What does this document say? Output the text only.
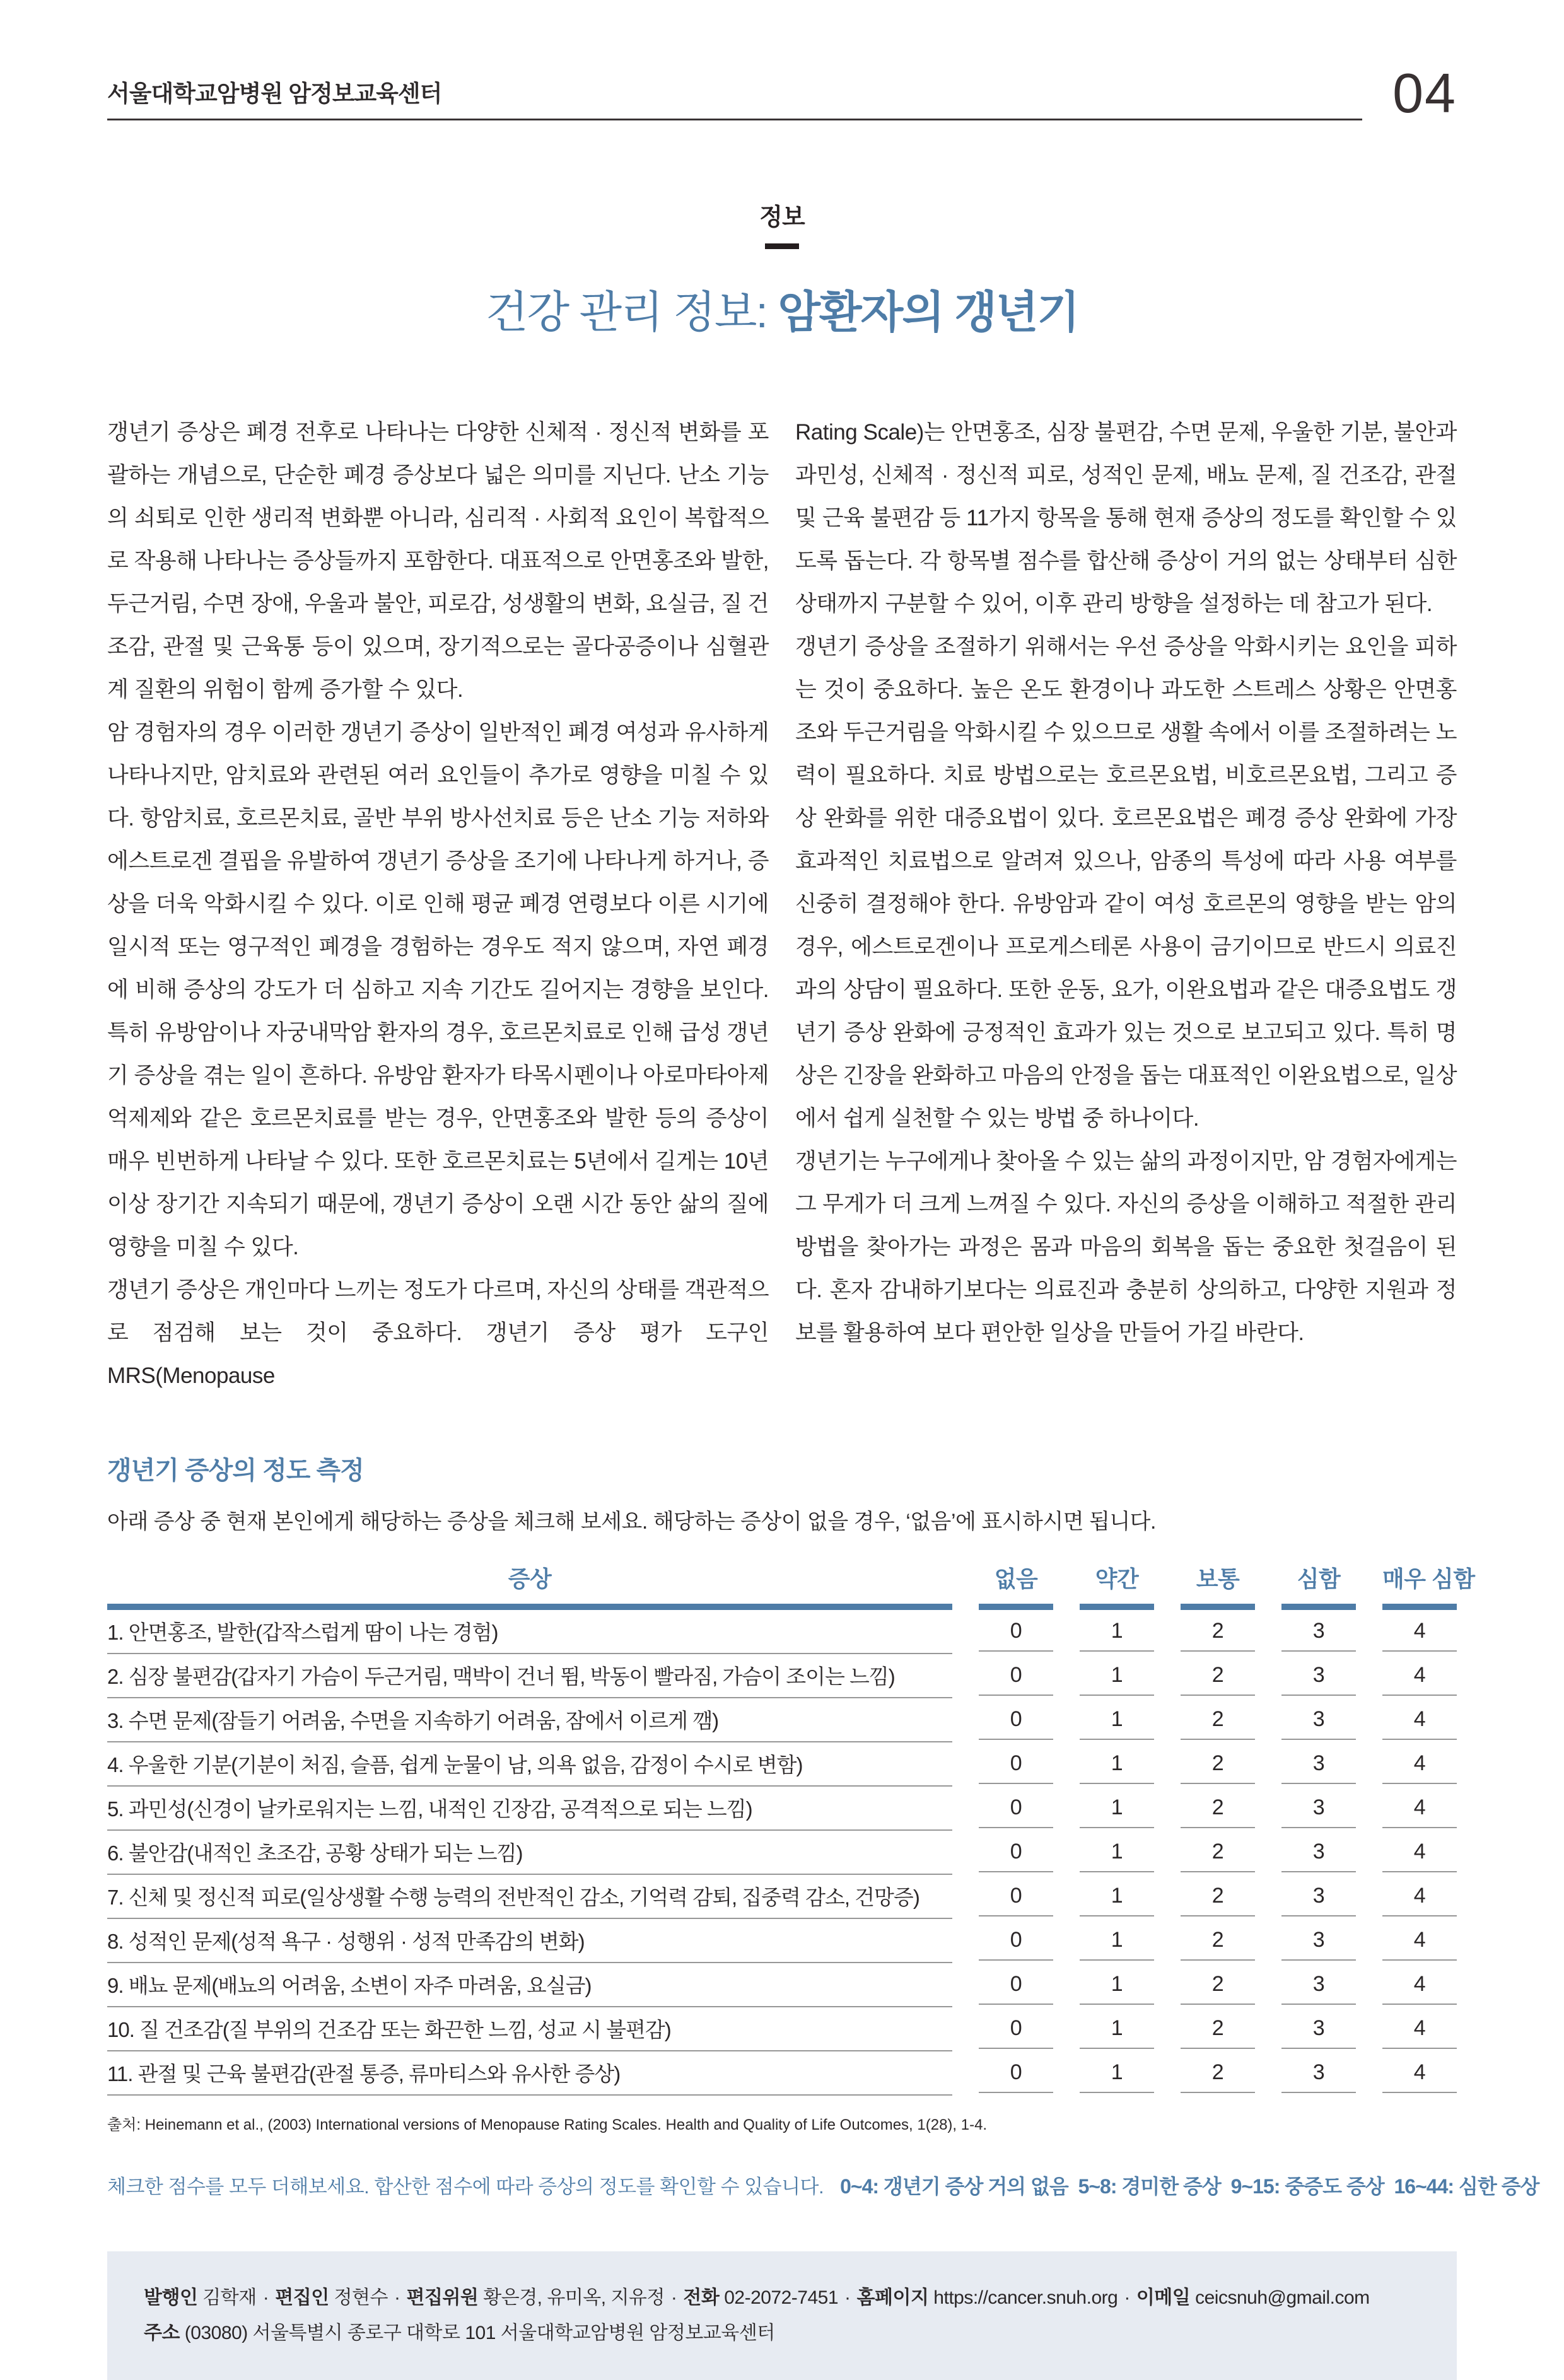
서울대학교암병원 암정보교육센터	04
정보
건강 관리 정보: 암환자의 갱년기

갱년기 증상은 폐경 전후로 나타나는 다양한 신체적 · 정신적 변화를 포괄하는 개념으로, 단순한 폐경 증상보다 넓은 의미를 지닌다. 난소 기능의 쇠퇴로 인한 생리적 변화뿐 아니라, 심리적 · 사회적 요인이 복합적으로 작용해 나타나는 증상들까지 포함한다. 대표적으로 안면홍조와 발한, 두근거림, 수면 장애, 우울과 불안, 피로감, 성생활의 변화, 요실금, 질 건조감, 관절 및 근육통 등이 있으며, 장기적으로는 골다공증이나 심혈관계 질환의 위험이 함께 증가할 수 있다.

암 경험자의 경우 이러한 갱년기 증상이 일반적인 폐경 여성과 유사하게 나타나지만, 암치료와 관련된 여러 요인들이 추가로 영향을 미칠 수 있다. 항암치료, 호르몬치료, 골반 부위 방사선치료 등은 난소 기능 저하와 에스트로겐 결핍을 유발하여 갱년기 증상을 조기에 나타나게 하거나, 증상을 더욱 악화시킬 수 있다. 이로 인해 평균 폐경 연령보다 이른 시기에 일시적 또는 영구적인 폐경을 경험하는 경우도 적지 않으며, 자연 폐경에 비해 증상의 강도가 더 심하고 지속 기간도 길어지는 경향을 보인다. 특히 유방암이나 자궁내막암 환자의 경우, 호르몬치료로 인해 급성 갱년기 증상을 겪는 일이 흔하다. 유방암 환자가 타목시펜이나 아로마타아제 억제제와 같은 호르몬치료를 받는 경우, 안면홍조와 발한 등의 증상이 매우 빈번하게 나타날 수 있다. 또한 호르몬치료는 5년에서 길게는 10년 이상 장기간 지속되기 때문에, 갱년기 증상이 오랜 시간 동안 삶의 질에 영향을 미칠 수 있다.

갱년기 증상은 개인마다 느끼는 정도가 다르며, 자신의 상태를 객관적으로 점검해 보는 것이 중요하다. 갱년기 증상 평가 도구인 MRS(Menopause

Rating Scale)는 안면홍조, 심장 불편감, 수면 문제, 우울한 기분, 불안과 과민성, 신체적 · 정신적 피로, 성적인 문제, 배뇨 문제, 질 건조감, 관절 및 근육 불편감 등 11가지 항목을 통해 현재 증상의 정도를 확인할 수 있도록 돕는다. 각 항목별 점수를 합산해 증상이 거의 없는 상태부터 심한 상태까지 구분할 수 있어, 이후 관리 방향을 설정하는 데 참고가 된다.

갱년기 증상을 조절하기 위해서는 우선 증상을 악화시키는 요인을 피하는 것이 중요하다. 높은 온도 환경이나 과도한 스트레스 상황은 안면홍조와 두근거림을 악화시킬 수 있으므로 생활 속에서 이를 조절하려는 노력이 필요하다. 치료 방법으로는 호르몬요법, 비호르몬요법, 그리고 증상 완화를 위한 대증요법이 있다. 호르몬요법은 폐경 증상 완화에 가장 효과적인 치료법으로 알려져 있으나, 암종의 특성에 따라 사용 여부를 신중히 결정해야 한다. 유방암과 같이 여성 호르몬의 영향을 받는 암의 경우, 에스트로겐이나 프로게스테론 사용이 금기이므로 반드시 의료진과의 상담이 필요하다. 또한 운동, 요가, 이완요법과 같은 대증요법도 갱년기 증상 완화에 긍정적인 효과가 있는 것으로 보고되고 있다. 특히 명상은 긴장을 완화하고 마음의 안정을 돕는 대표적인 이완요법으로, 일상에서 쉽게 실천할 수 있는 방법 중 하나이다.

갱년기는 누구에게나 찾아올 수 있는 삶의 과정이지만, 암 경험자에게는 그 무게가 더 크게 느껴질 수 있다. 자신의 증상을 이해하고 적절한 관리 방법을 찾아가는 과정은 몸과 마음의 회복을 돕는 중요한 첫걸음이 된다. 혼자 감내하기보다는 의료진과 충분히 상의하고, 다양한 지원과 정보를 활용하여 보다 편안한 일상을 만들어 가길 바란다.

갱년기 증상의 정도 측정
아래 증상 중 현재 본인에게 해당하는 증상을 체크해 보세요. 해당하는 증상이 없을 경우, ‘없음’에 표시하시면 됩니다.
증상	없음	약간	보통	심함	매우 심함
1. 안면홍조, 발한(갑작스럽게 땀이 나는 경험)	0	1	2	3	4
2. 심장 불편감(갑자기 가슴이 두근거림, 맥박이 건너 뜀, 박동이 빨라짐, 가슴이 조이는 느낌)	0	1	2	3	4
3. 수면 문제(잠들기 어려움, 수면을 지속하기 어려움, 잠에서 이르게 깸)	0	1	2	3	4
4. 우울한 기분(기분이 처짐, 슬픔, 쉽게 눈물이 남, 의욕 없음, 감정이 수시로 변함)	0	1	2	3	4
5. 과민성(신경이 날카로워지는 느낌, 내적인 긴장감, 공격적으로 되는 느낌)	0	1	2	3	4
6. 불안감(내적인 초조감, 공황 상태가 되는 느낌)	0	1	2	3	4
7. 신체 및 정신적 피로(일상생활 수행 능력의 전반적인 감소, 기억력 감퇴, 집중력 감소, 건망증)	0	1	2	3	4
8. 성적인 문제(성적 욕구 · 성행위 · 성적 만족감의 변화)	0	1	2	3	4
9. 배뇨 문제(배뇨의 어려움, 소변이 자주 마려움, 요실금)	0	1	2	3	4
10. 질 건조감(질 부위의 건조감 또는 화끈한 느낌, 성교 시 불편감)	0	1	2	3	4
11. 관절 및 근육 불편감(관절 통증, 류마티스와 유사한 증상)	0	1	2	3	4
출처: Heinemann et al., (2003) International versions of Menopause Rating Scales. Health and Quality of Life Outcomes, 1(28), 1-4.
체크한 점수를 모두 더해보세요. 합산한 점수에 따라 증상의 정도를 확인할 수 있습니다. 0~4: 갱년기 증상 거의 없음  5~8: 경미한 증상  9~15: 중증도 증상  16~44: 심한 증상
발행인 김학재 · 편집인 정현수 · 편집위원 황은경, 유미옥, 지유정 · 전화 02-2072-7451 · 홈페이지 https://cancer.snuh.org · 이메일 ceicsnuh@gmail.com
주소 (03080) 서울특별시 종로구 대학로 101 서울대학교암병원 암정보교육센터
